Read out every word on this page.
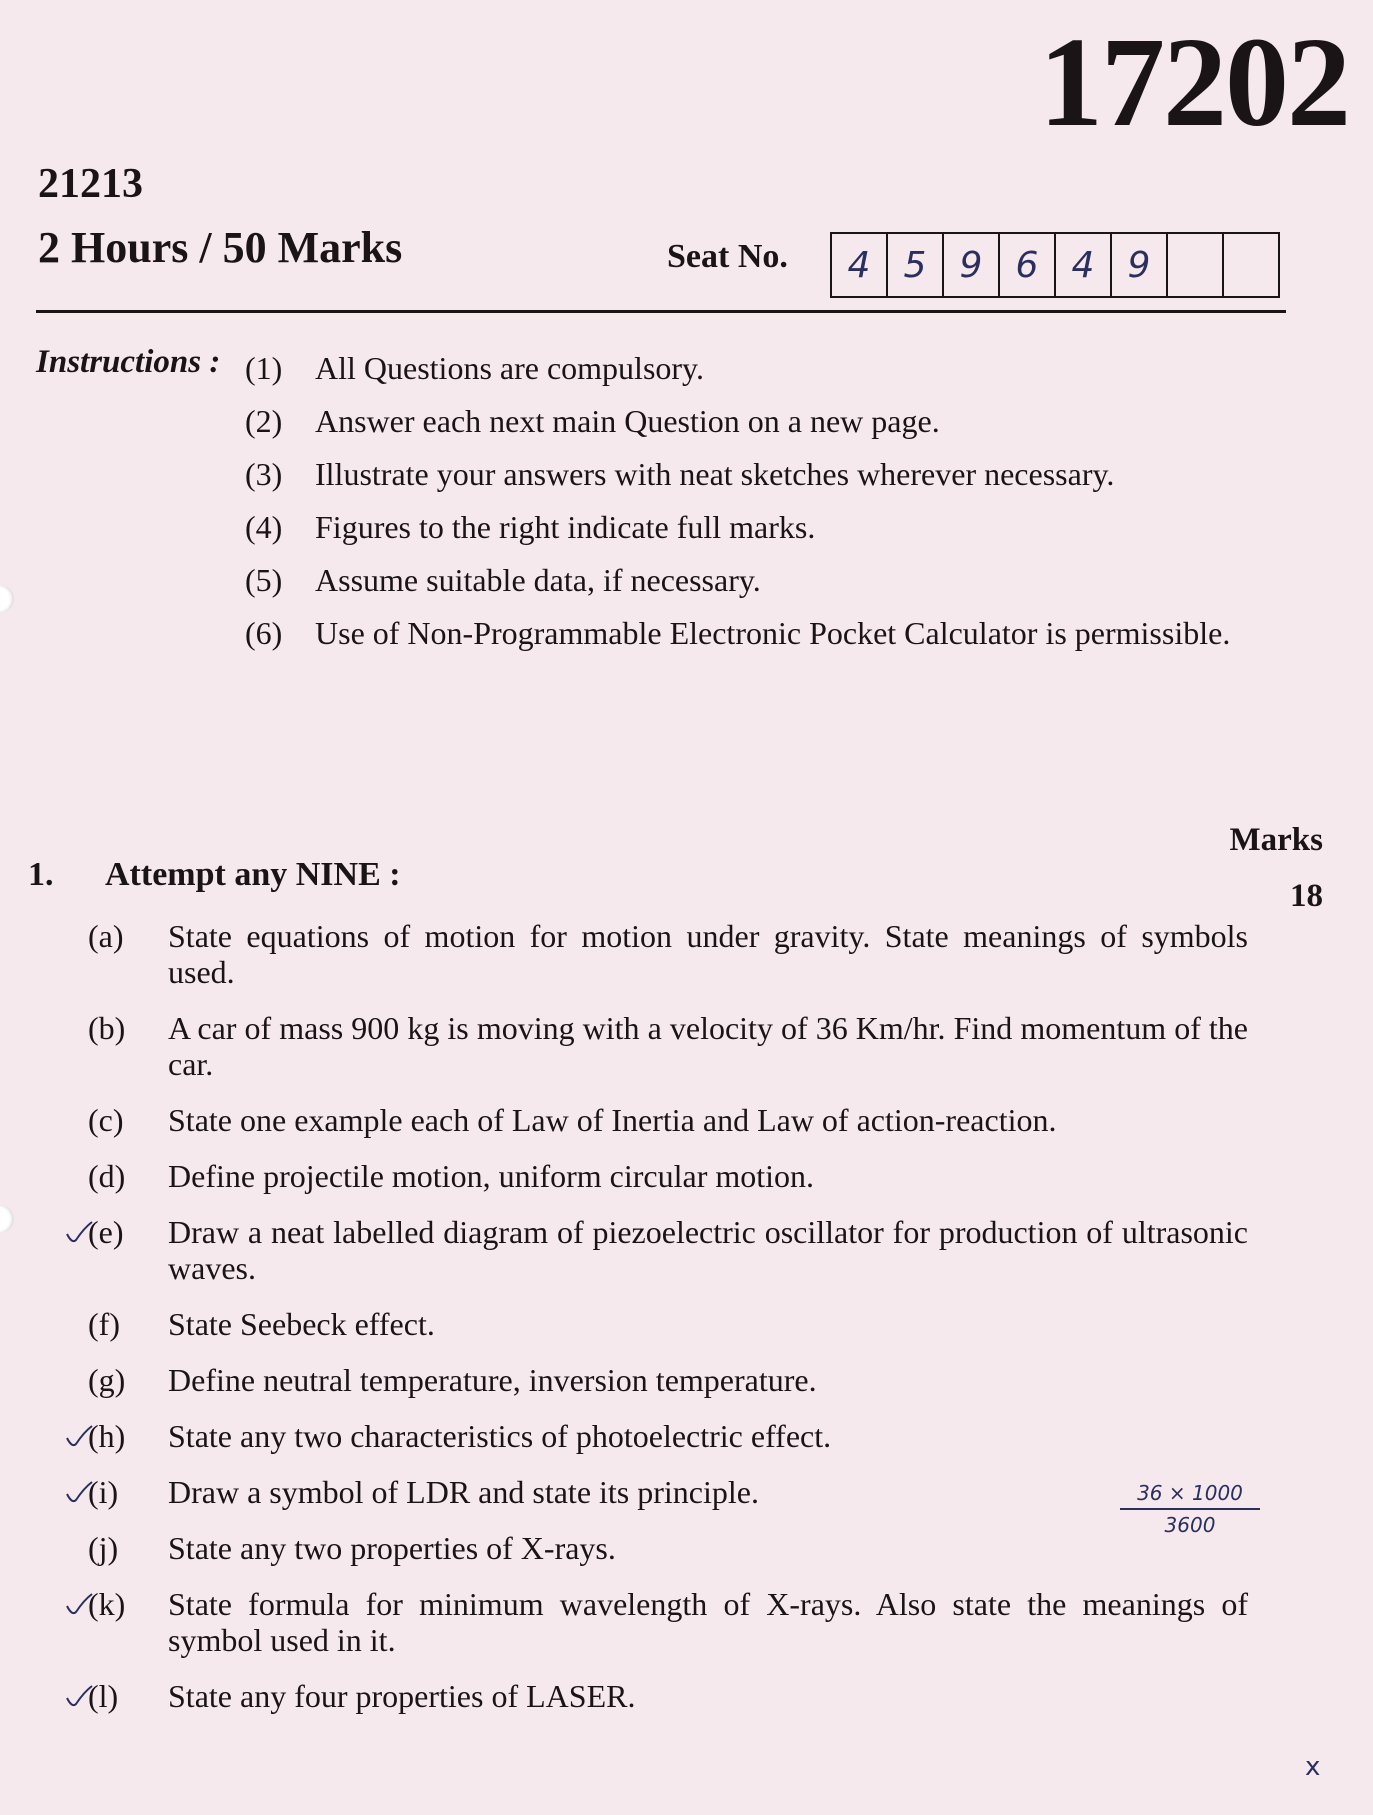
17202
21213
2 Hours / 50 Marks	Seat No.	4 5 9 6 4 9
Instructions : (1)	All Questions are compulsory.
(2)	Answer each next main Question on a new page.
(3)	Illustrate your answers with neat sketches wherever necessary.
(4)	Figures to the right indicate full marks.
(5)	Assume suitable data, if necessary.
(6)	Use of Non-Programmable Electronic Pocket Calculator is permissible.
Marks
1. Attempt any NINE :
18
(a)	State equations of motion for motion under gravity. State meanings of symbols used.
(b)	A car of mass 900 kg is moving with a velocity of 36 Km/hr. Find momentum of the car.
(c)	State one example each of Law of Inertia and Law of action-reaction.
(d)	Define projectile motion, uniform circular motion.
(e)	Draw a neat labelled diagram of piezoelectric oscillator for production of ultrasonic waves.
(f)	State Seebeck effect.
(g)	Define neutral temperature, inversion temperature.
(h)	State any two characteristics of photoelectric effect.
(i)	Draw a symbol of LDR and state its principle.
(j)	State any two properties of X-rays.
(k)	State formula for minimum wavelength of X-rays. Also state the meanings of symbol used in it.
(l)	State any four properties of LASER.
36 × 1000
3600
x
